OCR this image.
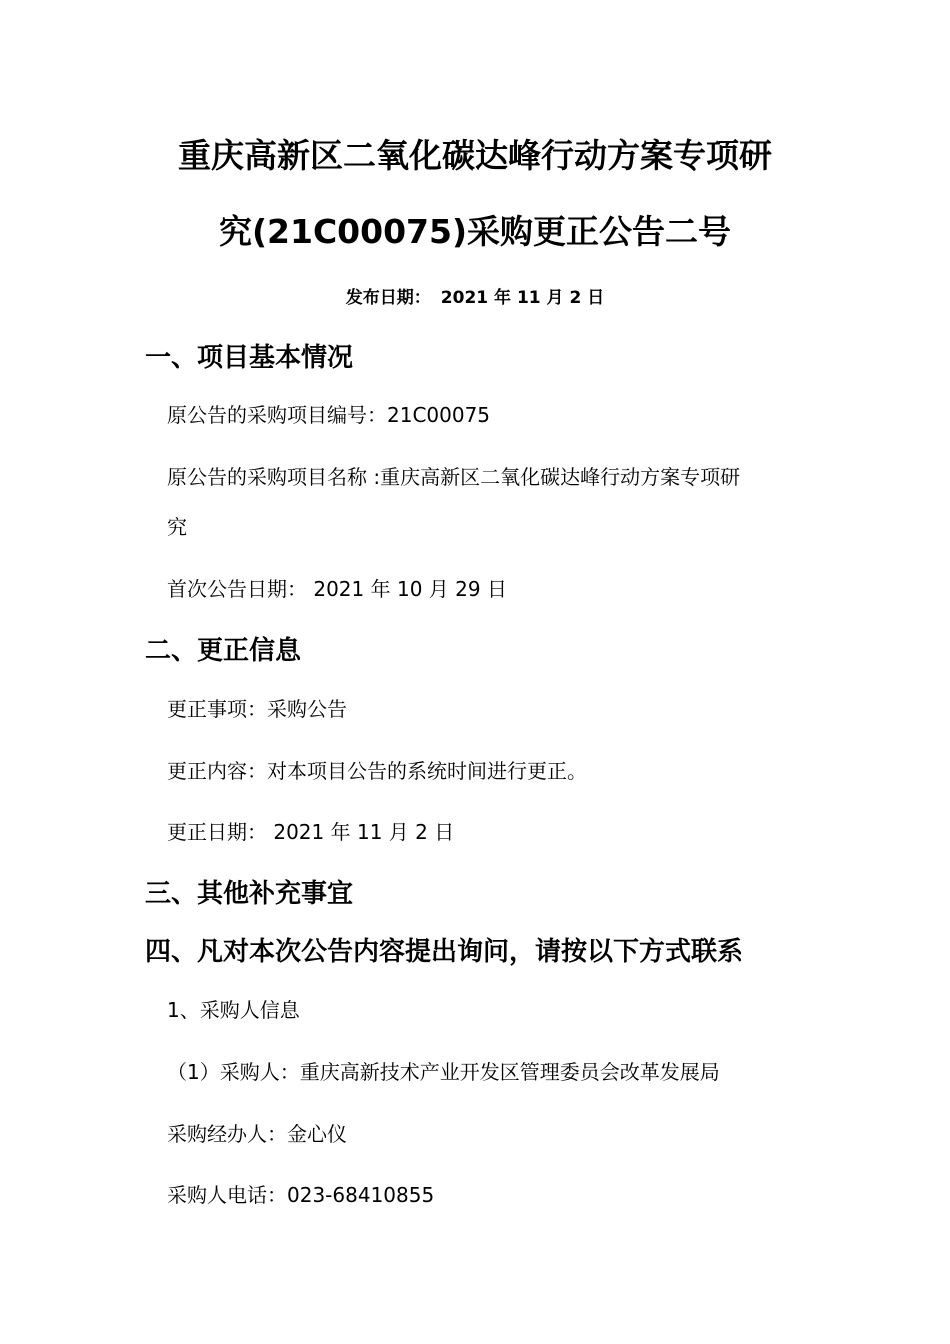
重庆高新区二氧化碳达峰行动方案专项研
究(21C00075)采购更正公告二号
发布日期： 2021 年 11 月 2 日
一、项目基本情况
原公告的采购项目编号：21C00075
原公告的采购项目名称 :重庆高新区二氧化碳达峰行动方案专项研
究
首次公告日期： 2021 年 10 月 29 日
二、更正信息
更正事项：采购公告
更正内容：对本项目公告的系统时间进行更正。
更正日期： 2021 年 11 月 2 日
三、其他补充事宜
四、凡对本次公告内容提出询问，请按以下方式联系
1、采购人信息
（1）采购人：重庆高新技术产业开发区管理委员会改革发展局
采购经办人：金心仪
采购人电话：023-68410855
